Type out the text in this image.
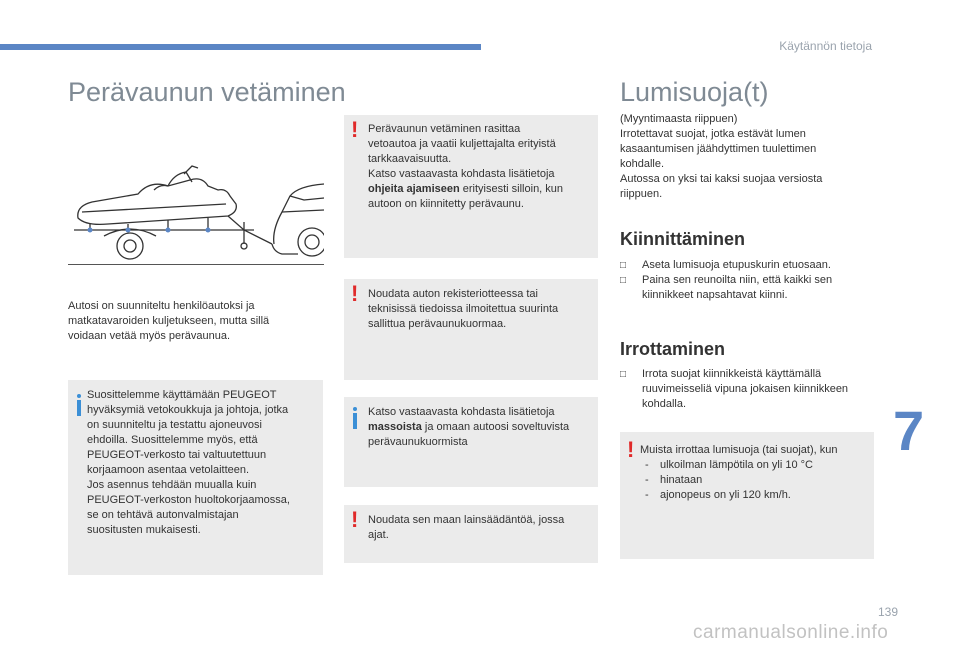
Käytännön tietoja
Perävaunun vetäminen

Autosi on suunniteltu henkilöautoksi ja matkatavaroiden kuljetukseen, mutta sillä voidaan vetää myös perävaunua.

Suosittelemme käyttämään PEUGEOT
hyväksymiä vetokoukkuja ja johtoja, jotka
on suunniteltu ja testattu ajoneuvosi
ehdoilla. Suosittelemme myös, että
PEUGEOT-verkosto tai valtuutettuun
korjaamoon asentaa vetolaitteen.
Jos asennus tehdään muualla kuin
PEUGEOT-verkoston huoltokorjaamossa,
se on tehtävä autonvalmistajan
suositusten mukaisesti.
! Perävaunun vetäminen rasittaa
vetoautoa ja vaatii kuljettajalta erityistä
tarkkaavaisuutta.
Katso vastaavasta kohdasta lisätietoja
ohjeita ajamiseen erityisesti silloin, kun
autoon on kiinnitetty perävaunu.
! Noudata auton rekisteriotteessa tai
teknisissä tiedoissa ilmoitettua suurinta
sallittua perävaunukuormaa.
Katso vastaavasta kohdasta lisätietoja
massoista ja omaan autoosi soveltuvista
perävaunukuormista
! Noudata sen maan lainsäädäntöä, jossa
ajat.
Lumisuoja(t)
(Myyntimaasta riippuen)
Irrotettavat suojat, jotka estävät lumen
kasaantumisen jäähdyttimen tuulettimen
kohdalle.
Autossa on yksi tai kaksi suojaa versiosta
riippuen.
Kiinnittäminen
□ Aseta lumisuoja etupuskurin etuosaan.
□ Paina sen reunoilta niin, että kaikki sen kiinnikkeet napsahtavat kiinni.
Irrottaminen
□ Irrota suojat kiinnikkeistä käyttämällä ruuvimeisseliä vipuna jokaisen kiinnikkeen kohdalla.
! Muista irrottaa lumisuoja (tai suojat), kun
- ulkoilman lämpötila on yli 10 °C
- hinataan
- ajonopeus on yli 120 km/h.
7
139
carmanualsonline.info
